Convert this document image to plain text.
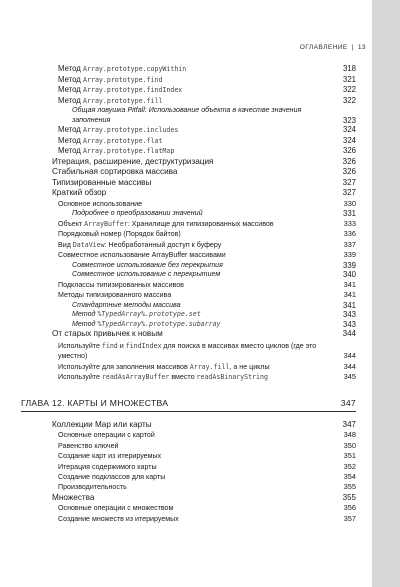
ОГЛАВЛЕНИЕ | 13
Метод Array.prototype.copyWithin	318
Метод Array.prototype.find	321
Метод Array.prototype.findIndex	322
Метод Array.prototype.fill	322
Общая ловушка Pitfall: Использование объекта в качестве значения заполнения	323
Метод Array.prototype.includes	324
Метод Array.prototype.flat	324
Метод Array.prototype.flatMap	326
Итерация, расширение, деструктуризация	326
Стабильная сортировка массива	326
Типизированные массивы	327
Краткий обзор	327
Основное использование	330
Подробнее о преобразовании значений	331
Объект ArrayBuffer: Хранилище для типизированных массивов	333
Порядковый номер (Порядок байтов)	336
Вид DataView: Необработанный доступ к буферу	337
Совместное использование ArrayBuffer массивами	339
Совместное использование без перекрытия	339
Совместное использование с перекрытием	340
Подклассы типизированных массивов	341
Методы типизированного массива	341
Стандартные методы массива	341
Метод %TypedArray%.prototype.set	343
Метод %TypedArray%.prototype.subarray	343
От старых привычек к новым	344
Используйте find и findIndex для поиска в массивах вместо циклов (где это уместно)	344
Используйте для заполнения массивов Array.fill, а не циклы	344
Используйте readAsArrayBuffer вместо readAsBinaryString	345
ГЛАВА 12. КАРТЫ И МНОЖЕСТВА	347
Коллекции Map или карты	347
Основные операции с картой	348
Равенство ключей	350
Создание карт из итерируемых	351
Итерация содержимого карты	352
Создание подклассов для карты	354
Производительность	355
Множества	355
Основные операции с множеством	356
Создание множеств из итерируемых	357
